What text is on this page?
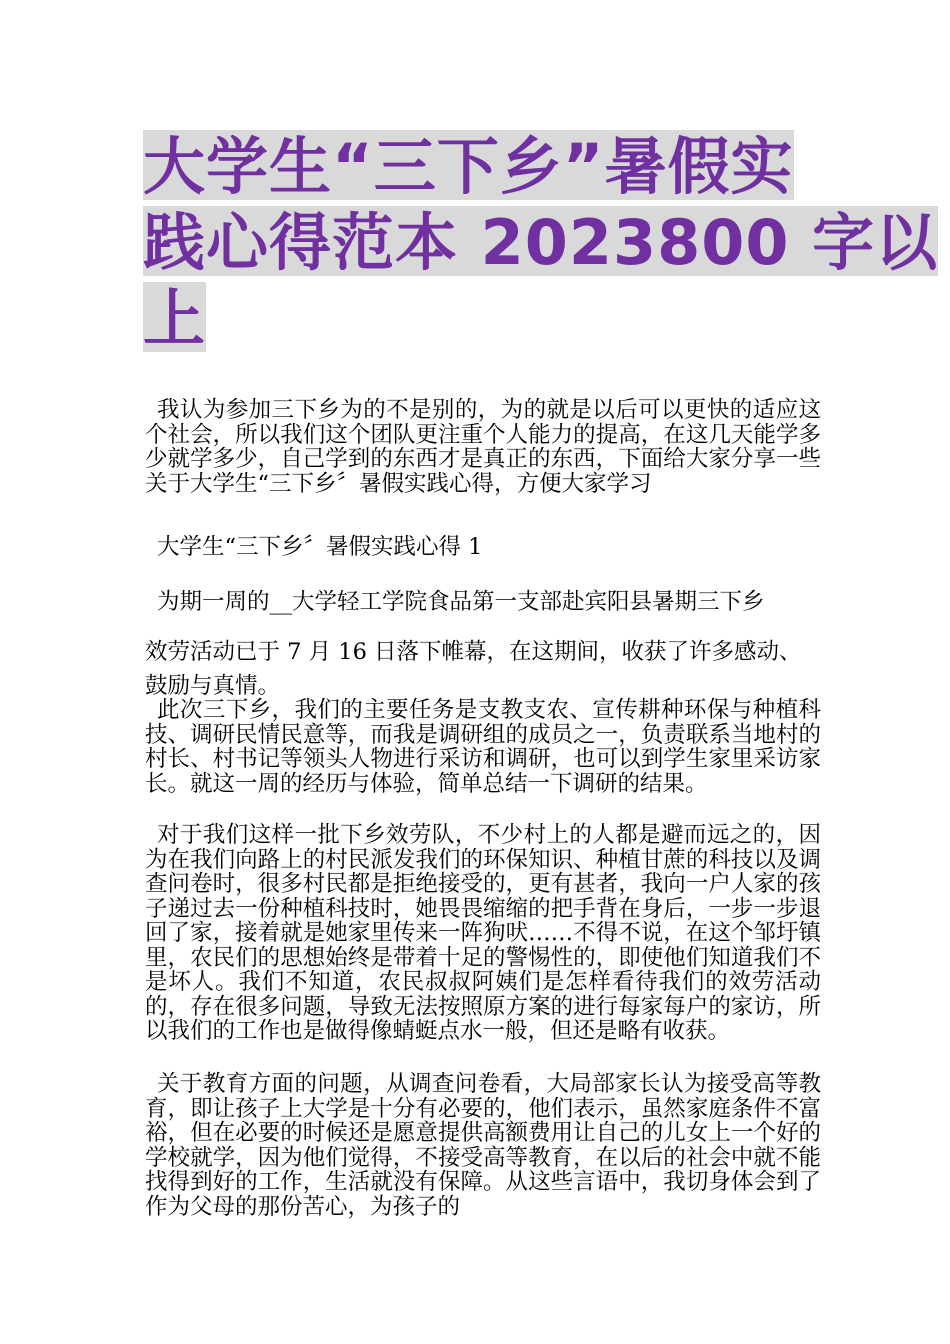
大学生“三下乡”暑假实
践心得范本 2023800 字以
上

我认为参加三下乡为的不是别的，为的就是以后可以更快的适应这个社会，所以我们这个团队更注重个人能力的提高，在这几天能学多少就学多少，自己学到的东西才是真正的东西，下面给大家分享一些关于大学生“三下乡〞暑假实践心得，方便大家学习

大学生“三下乡〞暑假实践心得 1

为期一周的__大学轻工学院食品第一支部赴宾阳县暑期三下乡

效劳活动已于 7 月 16 日落下帷幕，在这期间，收获了许多感动、

鼓励与真情。

此次三下乡，我们的主要任务是支教支农、宣传耕种环保与种植科技、调研民情民意等，而我是调研组的成员之一，负责联系当地村的村长、村书记等领头人物进行采访和调研，也可以到学生家里采访家长。就这一周的经历与体验，简单总结一下调研的结果。

对于我们这样一批下乡效劳队，不少村上的人都是避而远之的，因为在我们向路上的村民派发我们的环保知识、种植甘蔗的科技以及调查问卷时，很多村民都是拒绝接受的，更有甚者，我向一户人家的孩子递过去一份种植科技时，她畏畏缩缩的把手背在身后，一步一步退回了家，接着就是她家里传来一阵狗吠……不得不说，在这个邹圩镇里，农民们的思想始终是带着十足的警惕性的，即使他们知道我们不是坏人。我们不知道，农民叔叔阿姨们是怎样看待我们的效劳活动的，存在很多问题，导致无法按照原方案的进行每家每户的家访，所以我们的工作也是做得像蜻蜓点水一般，但还是略有收获。

关于教育方面的问题，从调查问卷看，大局部家长认为接受高等教育，即让孩子上大学是十分有必要的，他们表示，虽然家庭条件不富裕，但在必要的时候还是愿意提供高额费用让自己的儿女上一个好的学校就学，因为他们觉得，不接受高等教育，在以后的社会中就不能找得到好的工作，生活就没有保障。从这些言语中，我切身体会到了作为父母的那份苦心，为孩子的
